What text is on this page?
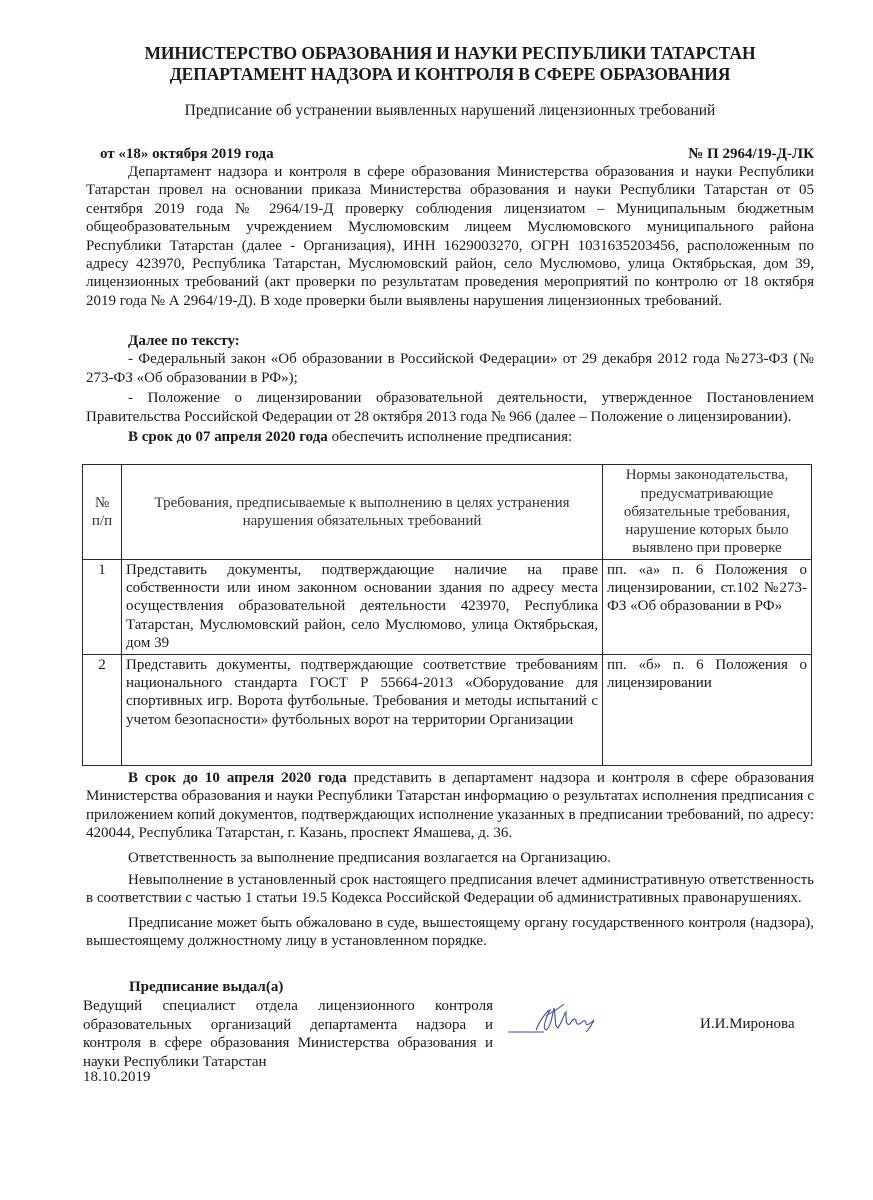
МИНИСТЕРСТВО ОБРАЗОВАНИЯ И НАУКИ РЕСПУБЛИКИ ТАТАРСТАН
ДЕПАРТАМЕНТ НАДЗОРА И КОНТРОЛЯ В СФЕРЕ ОБРАЗОВАНИЯ
Предписание об устранении выявленных нарушений лицензионных требований
от «18» октября 2019 года	№ П 2964/19-Д-ЛК

Департамент надзора и контроля в сфере образования Министерства образования и науки Республики Татарстан провел на основании приказа Министерства образования и науки Республики Татарстан от 05 сентября 2019 года № 2964/19-Д проверку соблюдения лицензиатом – Муниципальным бюджетным общеобразовательным учреждением Муслюмовским лицеем Муслюмовского муниципального района Республики Татарстан (далее - Организация), ИНН 1629003270, ОГРН 1031635203456, расположенным по адресу 423970, Республика Татарстан, Муслюмовский район, село Муслюмово, улица Октябрьская, дом 39, лицензионных требований (акт проверки по результатам проведения мероприятий по контролю от 18 октября 2019 года № А 2964/19-Д). В ходе проверки были выявлены нарушения лицензионных требований.

Далее по тексту:

- Федеральный закон «Об образовании в Российской Федерации» от 29 декабря 2012 года №273-ФЗ (№ 273-ФЗ «Об образовании в РФ»);

- Положение о лицензировании образовательной деятельности, утвержденное Постановлением Правительства Российской Федерации от 28 октября 2013 года № 966 (далее – Положение о лицензировании).

В срок до 07 апреля 2020 года обеспечить исполнение предписания:

№ п/п	Требования, предписываемые к выполнению в целях устранения нарушения обязательных требований	Нормы законодательства, предусматривающие обязательные требования, нарушение которых было выявлено при проверке
1	Представить документы, подтверждающие наличие на праве собственности или ином законном основании здания по адресу места осуществления образовательной деятельности 423970, Республика Татарстан, Муслюмовский район, село Муслюмово, улица Октябрьская, дом 39	пп. «а» п. 6 Положения о лицензировании, ст.102 №273-ФЗ «Об образовании в РФ»
2	Представить документы, подтверждающие соответствие требованиям национального стандарта ГОСТ Р 55664-2013 «Оборудование для спортивных игр. Ворота футбольные. Требования и методы испытаний с учетом безопасности» футбольных ворот на территории Организации	пп. «б» п. 6 Положения о лицензировании

В срок до 10 апреля 2020 года представить в департамент надзора и контроля в сфере образования Министерства образования и науки Республики Татарстан информацию о результатах исполнения предписания с приложением копий документов, подтверждающих исполнение указанных в предписании требований, по адресу: 420044, Республика Татарстан, г. Казань, проспект Ямашева, д. 36.

Ответственность за выполнение предписания возлагается на Организацию.

Невыполнение в установленный срок настоящего предписания влечет административную ответственность в соответствии с частью 1 статьи 19.5 Кодекса Российской Федерации об административных правонарушениях.

Предписание может быть обжаловано в суде, вышестоящему органу государственного контроля (надзора), вышестоящему должностному лицу в установленном порядке.

Предписание выдал(а)
Ведущий специалист отдела лицензионного контроля образовательных организаций департамента надзора и контроля в сфере образования Министерства образования и науки Республики Татарстан
18.10.2019
И.И.Миронова
